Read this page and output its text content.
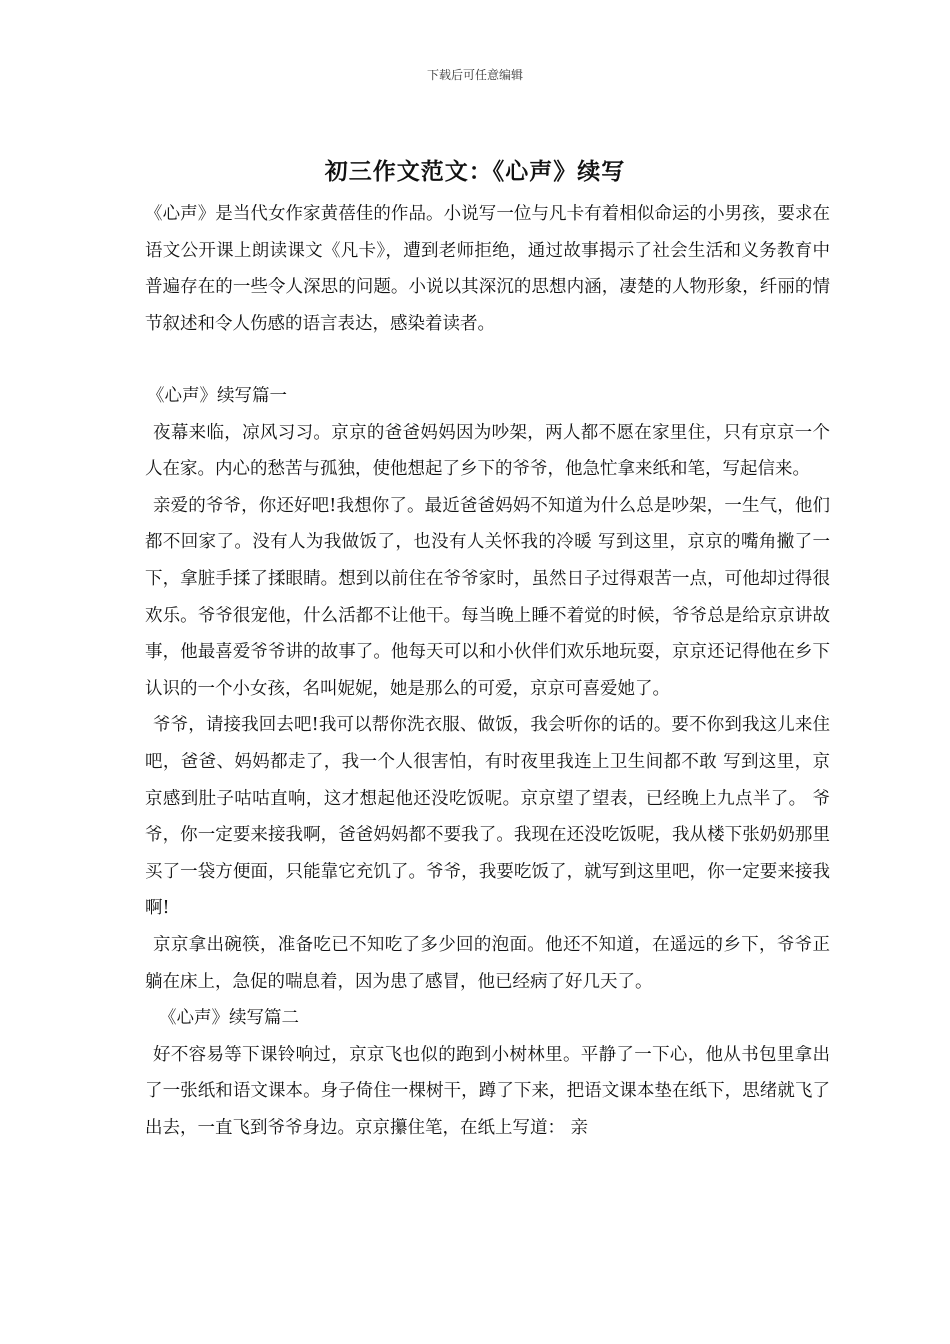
下载后可任意编辑
初三作文范文：《心声》续写

《心声》是当代女作家黄蓓佳的作品。小说写一位与凡卡有着相似命运的小男孩，要求在语文公开课上朗读课文《凡卡》，遭到老师拒绝，通过故事揭示了社会生活和义务教育中普遍存在的一些令人深思的问题。小说以其深沉的思想内涵，凄楚的人物形象，纤丽的情节叙述和令人伤感的语言表达，感染着读者。

《心声》续写篇一

夜幕来临，凉风习习。京京的爸爸妈妈因为吵架，两人都不愿在家里住，只有京京一个人在家。内心的愁苦与孤独，使他想起了乡下的爷爷，他急忙拿来纸和笔，写起信来。

亲爱的爷爷，你还好吧!我想你了。最近爸爸妈妈不知道为什么总是吵架，一生气，他们都不回家了。没有人为我做饭了，也没有人关怀我的冷暖 写到这里，京京的嘴角撇了一下，拿脏手揉了揉眼睛。想到以前住在爷爷家时，虽然日子过得艰苦一点，可他却过得很欢乐。爷爷很宠他，什么活都不让他干。每当晚上睡不着觉的时候，爷爷总是给京京讲故事，他最喜爱爷爷讲的故事了。他每天可以和小伙伴们欢乐地玩耍，京京还记得他在乡下认识的一个小女孩，名叫妮妮，她是那么的可爱，京京可喜爱她了。

爷爷，请接我回去吧!我可以帮你洗衣服、做饭，我会听你的话的。要不你到我这儿来住吧，爸爸、妈妈都走了，我一个人很害怕，有时夜里我连上卫生间都不敢 写到这里，京京感到肚子咕咕直响，这才想起他还没吃饭呢。京京望了望表，已经晚上九点半了。 爷爷，你一定要来接我啊，爸爸妈妈都不要我了。我现在还没吃饭呢，我从楼下张奶奶那里买了一袋方便面，只能靠它充饥了。爷爷，我要吃饭了，就写到这里吧，你一定要来接我啊!

京京拿出碗筷，准备吃已不知吃了多少回的泡面。他还不知道，在遥远的乡下，爷爷正躺在床上，急促的喘息着，因为患了感冒，他已经病了好几天了。

《心声》续写篇二

好不容易等下课铃响过，京京飞也似的跑到小树林里。平静了一下心，他从书包里拿出了一张纸和语文课本。身子倚住一棵树干，蹲了下来，把语文课本垫在纸下，思绪就飞了出去，一直飞到爷爷身边。京京攥住笔，在纸上写道： 亲
